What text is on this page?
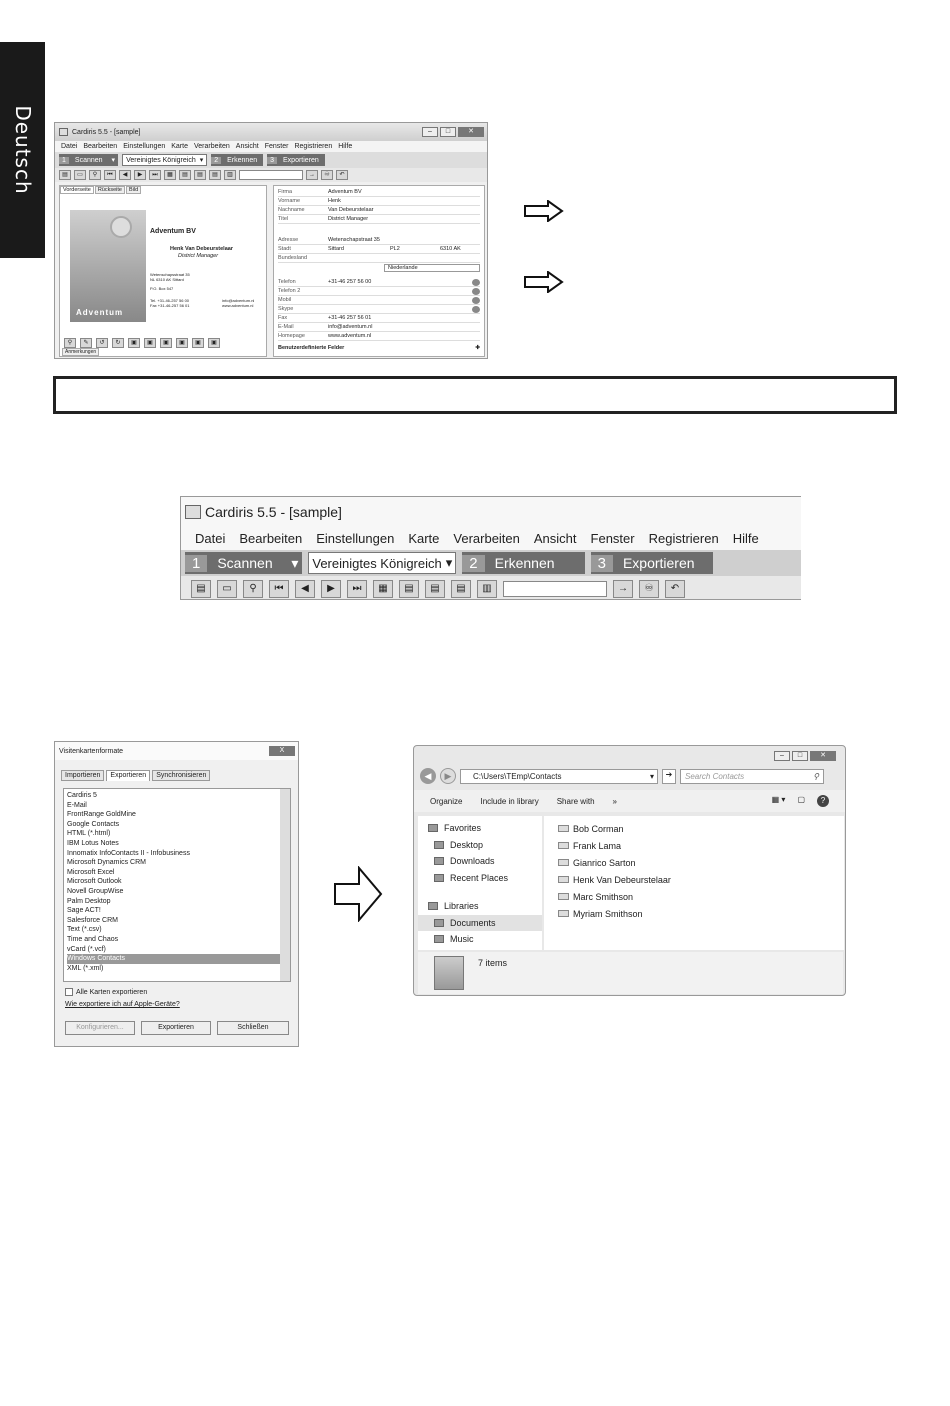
Deutsch	Cardiris 5.5 - [sample]	–	□	✕
Datei Bearbeiten Einstellungen Karte Verarbeiten Ansicht Fenster Registrieren Hilfe
1	Scannen	▾	Vereinigtes Königreich ▾	2	Erkennen	3	Exportieren
▤	▭	⚲	⏮	◀	▶	⏭	▦	▤	▤	▤	▥	→	♾	↶
Vorderseite	Rückseite	Bild
Adventum
Adventum BV
Henk Van Debeurstelaar
District Manager
Wetenschapsstraat 35
NL 6310 AK Sittard
P.O. Box 547
Tel. +31-46-257 56 00
Fax +31-46-257 56 01
info@adventum.nl
www.adventum.nl
⚲	✎	↺	↻	▣	▣	▣	▣	▣	▣
Anmerkungen
Firma	Adventum BV
Vorname	Henk
Nachname	Van Debeurstelaar
Titel	District Manager
Adresse	Wetenschapstraat 35
Stadt	Sittard	PL2	6310 AK
Bundesland
Niederlande
Telefon	+31-46 257 56 00
Telefon 2
Mobil
Skype
Fax	+31-46 257 56 01
E-Mail	info@adventum.nl
Homepage	www.adventum.nl
Benutzerdefinierte Felder	✚
Cardiris 5.5 - [sample]
Datei Bearbeiten Einstellungen Karte Verarbeiten Ansicht Fenster Registrieren Hilfe
1	Scannen	▾	Vereinigtes Königreich ▾	2	Erkennen	3	Exportieren
▤	▭	⚲	⏮	◀	▶	⏭	▦	▤	▤	▤	▥	→	♾	↶
Visitenkartenformate	X
Importieren	Exportieren	Synchronisieren
Cardiris 5
E-Mail
FrontRange GoldMine
Google Contacts
HTML (*.html)
IBM Lotus Notes
Innomatix InfoContacts II - Infobusiness
Microsoft Dynamics CRM
Microsoft Excel
Microsoft Outlook
Novell GroupWise
Palm Desktop
Sage ACT!
Salesforce CRM
Text (*.csv)
Time and Chaos
vCard (*.vcf)
Windows Contacts
XML (*.xml)
Alle Karten exportieren
Wie exportiere ich auf Apple-Geräte?
Konfigurieren...	Exportieren	Schließen
–	□	✕
◀	▶	C:\Users\TEmp\Contacts	▾	➔	Search Contacts	⚲
Organize Include in library Share with »	▦ ▾ ▢	?
Favorites
Desktop
Downloads
Recent Places
Libraries
Documents
Music
Bob Corman
Frank Lama
Gianrico Sarton
Henk Van Debeurstelaar
Marc Smithson
Myriam Smithson
7 items
